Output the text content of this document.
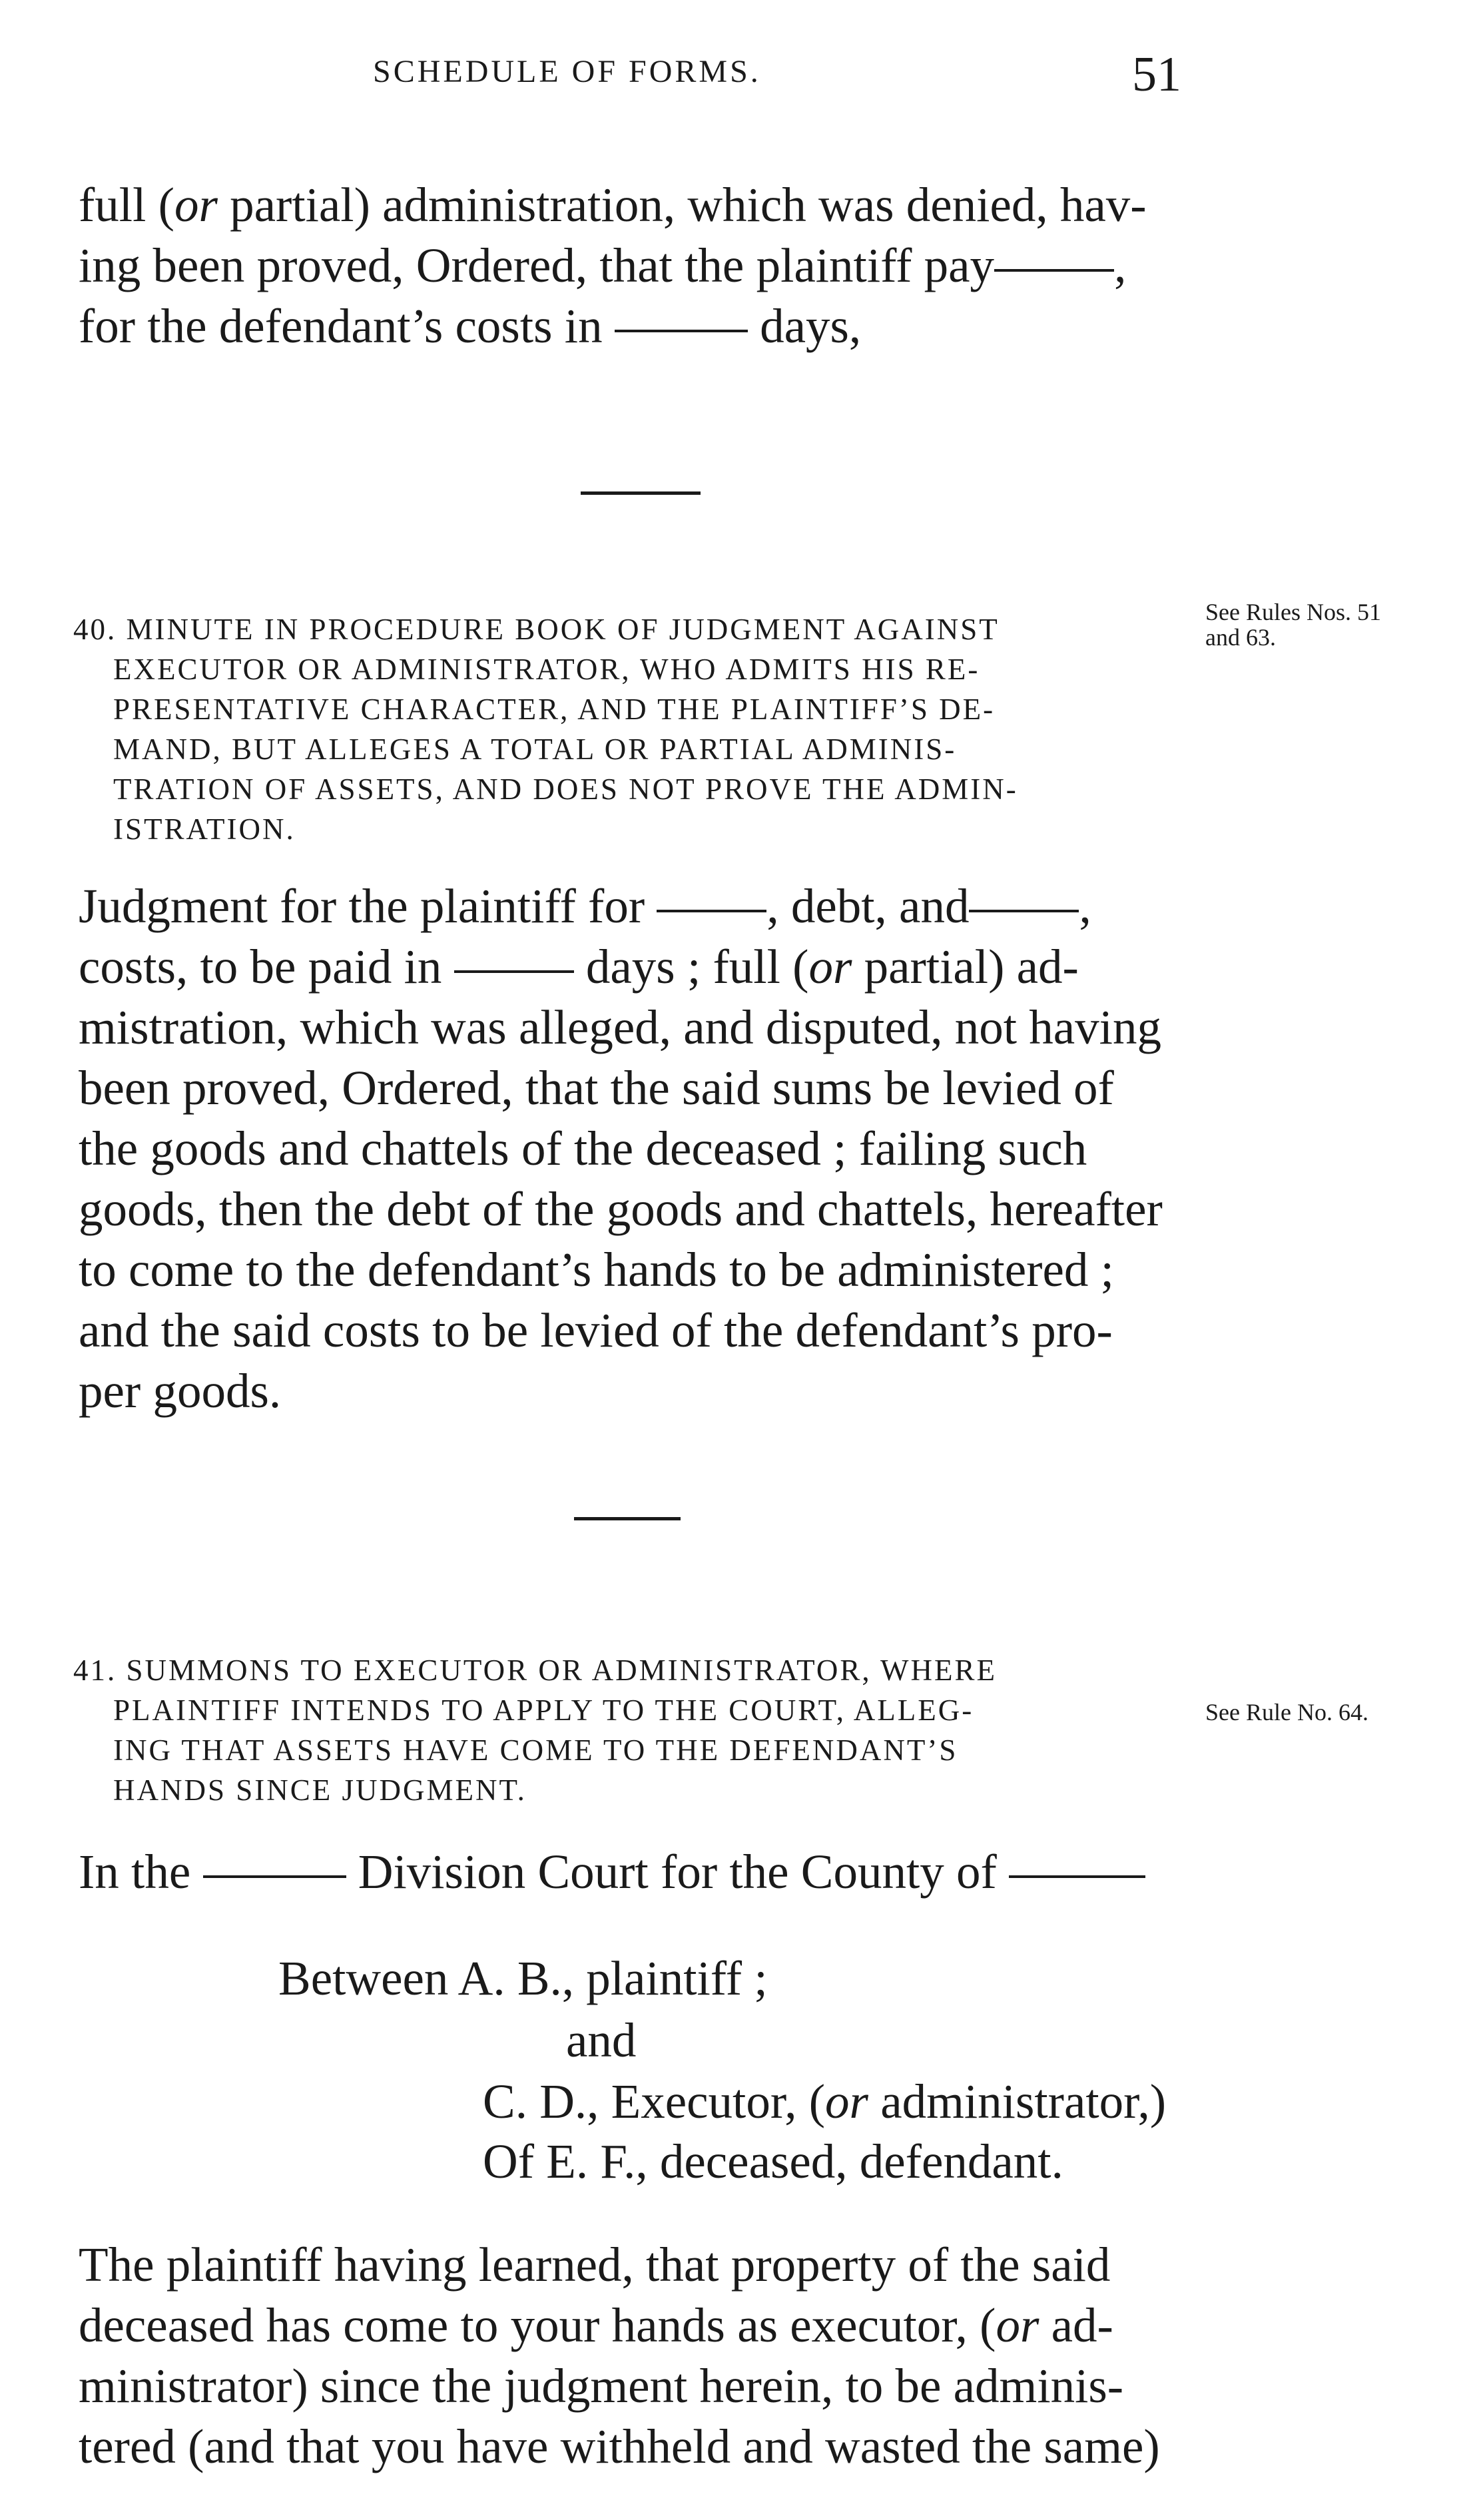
SCHEDULE OF FORMS.	51
full (or partial) administration, which was denied, hav-
ing been proved, Ordered, that the plaintiff pay ,
for the defendant’s costs in	days,
40. MINUTE IN PROCEDURE BOOK OF JUDGMENT AGAINST
EXECUTOR OR ADMINISTRATOR, WHO ADMITS HIS RE-
PRESENTATIVE CHARACTER, AND THE PLAINTIFF’S DE-
MAND, BUT ALLEGES A TOTAL OR PARTIAL ADMINIS-
TRATION OF ASSETS, AND DOES NOT PROVE THE ADMIN-
ISTRATION.
See Rules Nos. 51
and 63.
Judgment for the plaintiff for , debt, and ,
costs, to be paid in  days ; full (or partial) ad-
mistration, which was alleged, and disputed, not having
been proved, Ordered, that the said sums be levied of
the goods and chattels of the deceased ; failing such
goods, then the debt of the goods and chattels, hereafter
to come to the defendant’s hands to be administered ;
and the said costs to be levied of the defendant’s pro-
per goods.
41. SUMMONS TO EXECUTOR OR ADMINISTRATOR, WHERE
PLAINTIFF INTENDS TO APPLY TO THE COURT, ALLEG-
ING THAT ASSETS HAVE COME TO THE DEFENDANT’S
HANDS SINCE JUDGMENT.
See Rule No. 64.
In the	Division Court for the County of
Between A. B., plaintiff ;
and
C. D., Executor, (or administrator,)
Of E. F., deceased, defendant.
The plaintiff having learned, that property of the said
deceased has come to your hands as executor, (or ad-
ministrator) since the judgment herein, to be adminis-
tered (and that you have withheld and wasted the same)
